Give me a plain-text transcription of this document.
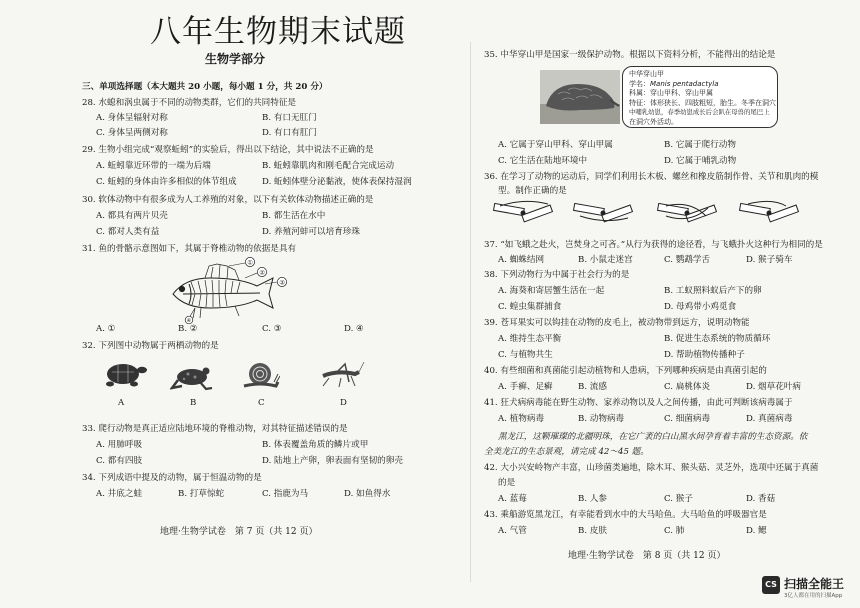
八年生物期末试题
生物学部分
三、单项选择题（本大题共 20 小题，每小题 1 分，共 20 分）
28. 水螅和涡虫属于不同的动物类群，它们的共同特征是
A. 身体呈辐射对称	B. 有口无肛门
C. 身体呈两侧对称	D. 有口有肛门
29. 生物小组完成“观察蚯蚓”的实验后，得出以下结论，其中说法不正确的是
A. 蚯蚓靠近环带的一端为后端	B. 蚯蚓靠肌肉和刚毛配合完成运动
C. 蚯蚓的身体由许多相似的体节组成	D. 蚯蚓体壁分泌黏液，使体表保持湿润
30. 软体动物中有很多成为人工养殖的对象，以下有关软体动物描述正确的是
A. 都具有两片贝壳	B. 都生活在水中
C. 都对人类有益	D. 养殖河蚌可以培育珍珠
31. 鱼的骨骼示意图如下，其属于脊椎动物的依据是具有
①
②
③
④
A. ①	B. ②	C. ③	D. ④
32. 下列图中动物属于两栖动物的是
A	B	C	D
33. 爬行动物是真正适应陆地环境的脊椎动物，对其特征描述错误的是
A. 用肺呼吸	B. 体表覆盖角质的鳞片或甲
C. 都有四肢	D. 陆地上产卵，卵表面有坚韧的卵壳
34. 下列成语中提及的动物，属于恒温动物的是
A. 井底之蛙	B. 打草惊蛇	C. 指鹿为马	D. 如鱼得水
地理·生物学试卷　第 7 页（共 12 页）
35. 中华穿山甲是国家一级保护动物。根据以下资料分析，不能得出的结论是
中华穿山甲
学名：Manis pentadactyla
科属：穿山甲科、穿山甲属
特征：体形狭长、四肢粗短，胎生。冬季在洞穴
中哺乳幼崽，春季幼崽成长后会趴在母兽的尾巴上
在洞穴外活动。
A. 它属于穿山甲科、穿山甲属	B. 它属于爬行动物
C. 它生活在陆地环境中	D. 它属于哺乳动物
36. 在学习了动物的运动后，同学们利用长木板、螺丝和橡皮筋制作骨、关节和肌肉的模
型。制作正确的是
37. “如飞蛾之赴火，岂焚身之可吝。”从行为获得的途径看，与飞蛾扑火这种行为相同的是
A. 蜘蛛结网	B. 小鼠走迷宫	C. 鹦鹉学舌	D. 猴子骑车
38. 下列动物行为中属于社会行为的是
A. 海葵和寄居蟹生活在一起	B. 工蚁照料蚁后产下的卵
C. 蝗虫集群捕食	D. 母鸡带小鸡觅食
39. 苍耳果实可以钩挂在动物的皮毛上，被动物带到远方，说明动物能
A. 维持生态平衡	B. 促进生态系统的物质循环
C. 与植物共生	D. 帮助植物传播种子
40. 有些细菌和真菌能引起动植物和人患病，下列哪种疾病是由真菌引起的
A. 手癣、足癣	B. 流感	C. 扁桃体炎	D. 烟草花叶病
41. 狂犬病病毒能在野生动物、家养动物以及人之间传播，由此可判断该病毒属于
A. 植物病毒	B. 动物病毒	C. 细菌病毒	D. 真菌病毒
黑龙江，这颗璀璨的北疆明珠，在它广袤的白山黑水间孕育着丰富的生态资源。依
全美龙江的生态景观，请完成 42～45 题。
42. 大小兴安岭物产丰富，山珍菌类遍地，除木耳、猴头菇、灵芝外，选项中还属于真菌
的是
A. 蓝莓	B. 人参	C. 猴子	D. 香菇
43. 乘船游览黑龙江，有幸能看到水中的大马哈鱼。大马哈鱼的呼吸器官是
A. 气管	B. 皮肤	C. 肺	D. 鳃
地理·生物学试卷　第 8 页（共 12 页）
CS 扫描全能王
3亿人都在用的扫描App
